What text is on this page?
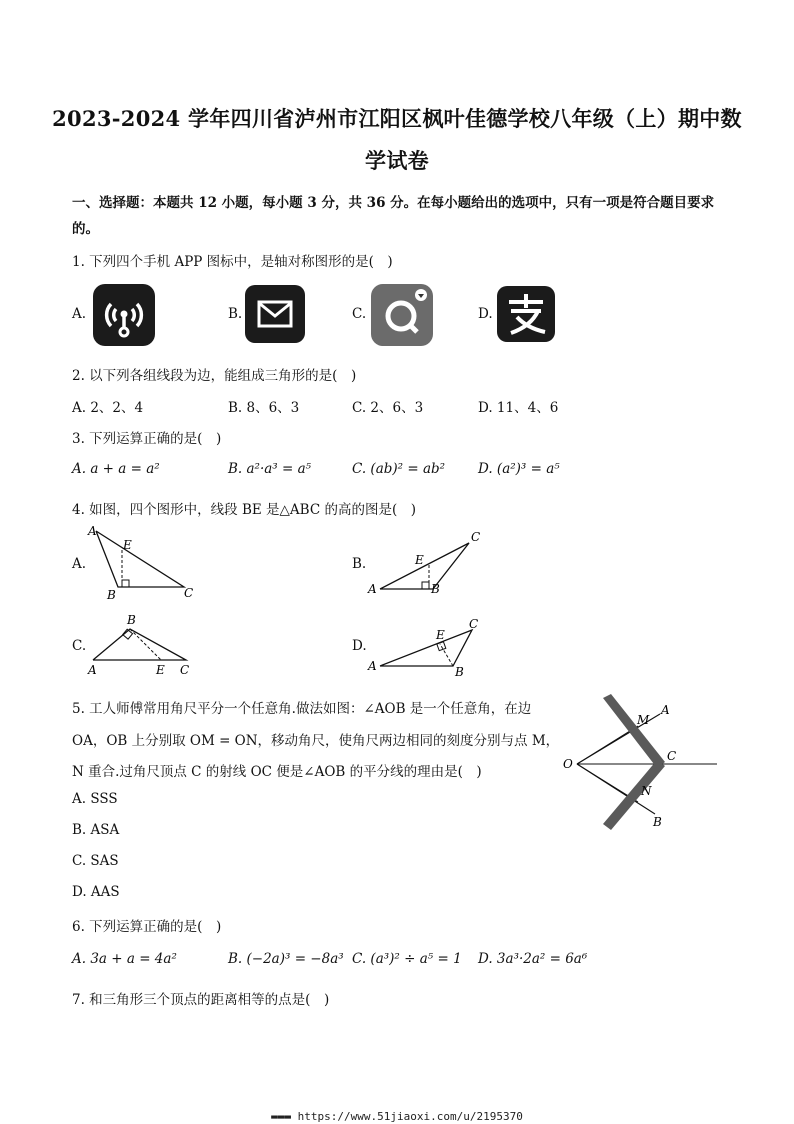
2023-2024 学年四川省泸州市江阳区枫叶佳德学校八年级（上）期中数
学试卷
一、选择题：本题共 12 小题，每小题 3 分，共 36 分。在每小题给出的选项中，只有一项是符合题目要求
的。
1. 下列四个手机 APP 图标中，是轴对称图形的是(　)
A.	B.	C.	D.
2. 以下列各组线段为边，能组成三角形的是(　)
A. 2、2、4	B. 8、6、3	C. 2、6、3	D. 11、4、6
3. 下列运算正确的是(　)
A. a + a = a²	B. a²·a³ = a⁵	C. (ab)² = ab² D. (a²)³ = a⁵
4. 如图，四个图形中，线段 BE 是△ABC 的高的图是(　)
A.
A
E
B	C
B.
A
E
B
C
C.
B
A	E C
D.
A
E
B
C
5. 工人师傅常用角尺平分一个任意角.做法如图：∠AOB 是一个任意角，在边
OA，OB 上分别取 OM = ON，移动角尺，使角尺两边相同的刻度分别与点 M，
N 重合.过角尺顶点 C 的射线 OC 便是∠AOB 的平分线的理由是(　)
A. SSS
B. ASA
C. SAS
D. AAS
A
M
O
C
N
B
6. 下列运算正确的是(　)
A. 3a + a = 4a²	B. (−2a)³ = −8a³ C. (a³)² ÷ a⁵ = 1 D. 3a³·2a² = 6a⁶
7. 和三角形三个顶点的距离相等的点是(　)
▬▬▬ https://www.51jiaoxi.com/u/2195370
